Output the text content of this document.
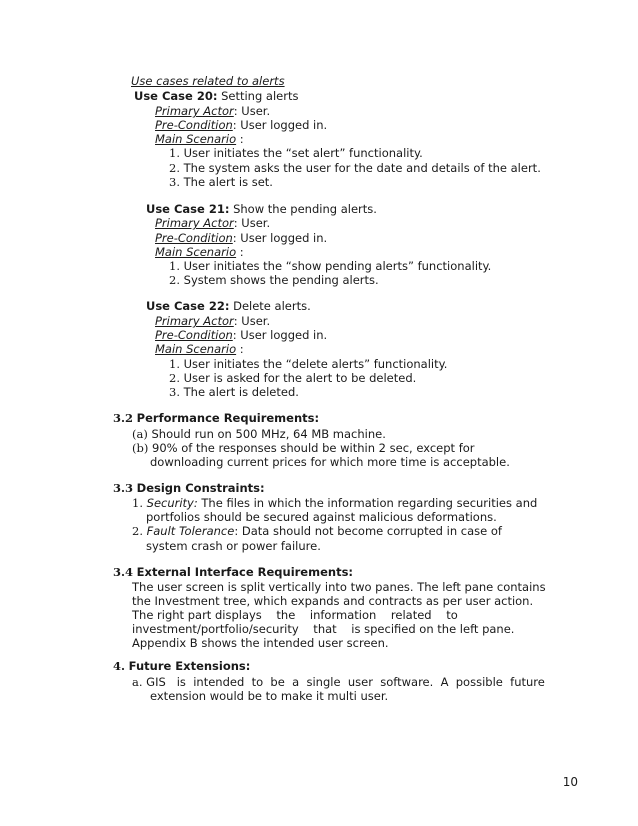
Use cases related to alerts
Use Case 20: Setting alerts
Primary Actor: User.
Pre-Condition: User logged in.
Main Scenario :
1. User initiates the “set alert” functionality.
2. The system asks the user for the date and details of the alert.
3. The alert is set.
Use Case 21: Show the pending alerts.
Primary Actor: User.
Pre-Condition: User logged in.
Main Scenario :
1. User initiates the “show pending alerts” functionality.
2. System shows the pending alerts.
Use Case 22: Delete alerts.
Primary Actor: User.
Pre-Condition: User logged in.
Main Scenario :
1. User initiates the “delete alerts” functionality.
2. User is asked for the alert to be deleted.
3. The alert is deleted.
3.2 Performance Requirements:
(a) Should run on 500 MHz, 64 MB machine.
(b) 90% of the responses should be within 2 sec, except for
downloading current prices for which more time is acceptable.
3.3 Design Constraints:
1. Security: The files in which the information regarding securities and
portfolios should be secured against malicious deformations.
2. Fault Tolerance: Data should not become corrupted in case of
system crash or power failure.
3.4 External Interface Requirements:
The user screen is split vertically into two panes. The left pane contains
the Investment tree, which expands and contracts as per user action.
The right part displays    the    information    related    to
investment/portfolio/security    that    is specified on the left pane.
Appendix B shows the intended user screen.
4. Future Extensions:
a. GIS   is  intended  to  be  a  single  user  software.  A  possible  future
extension would be to make it multi user.
10
